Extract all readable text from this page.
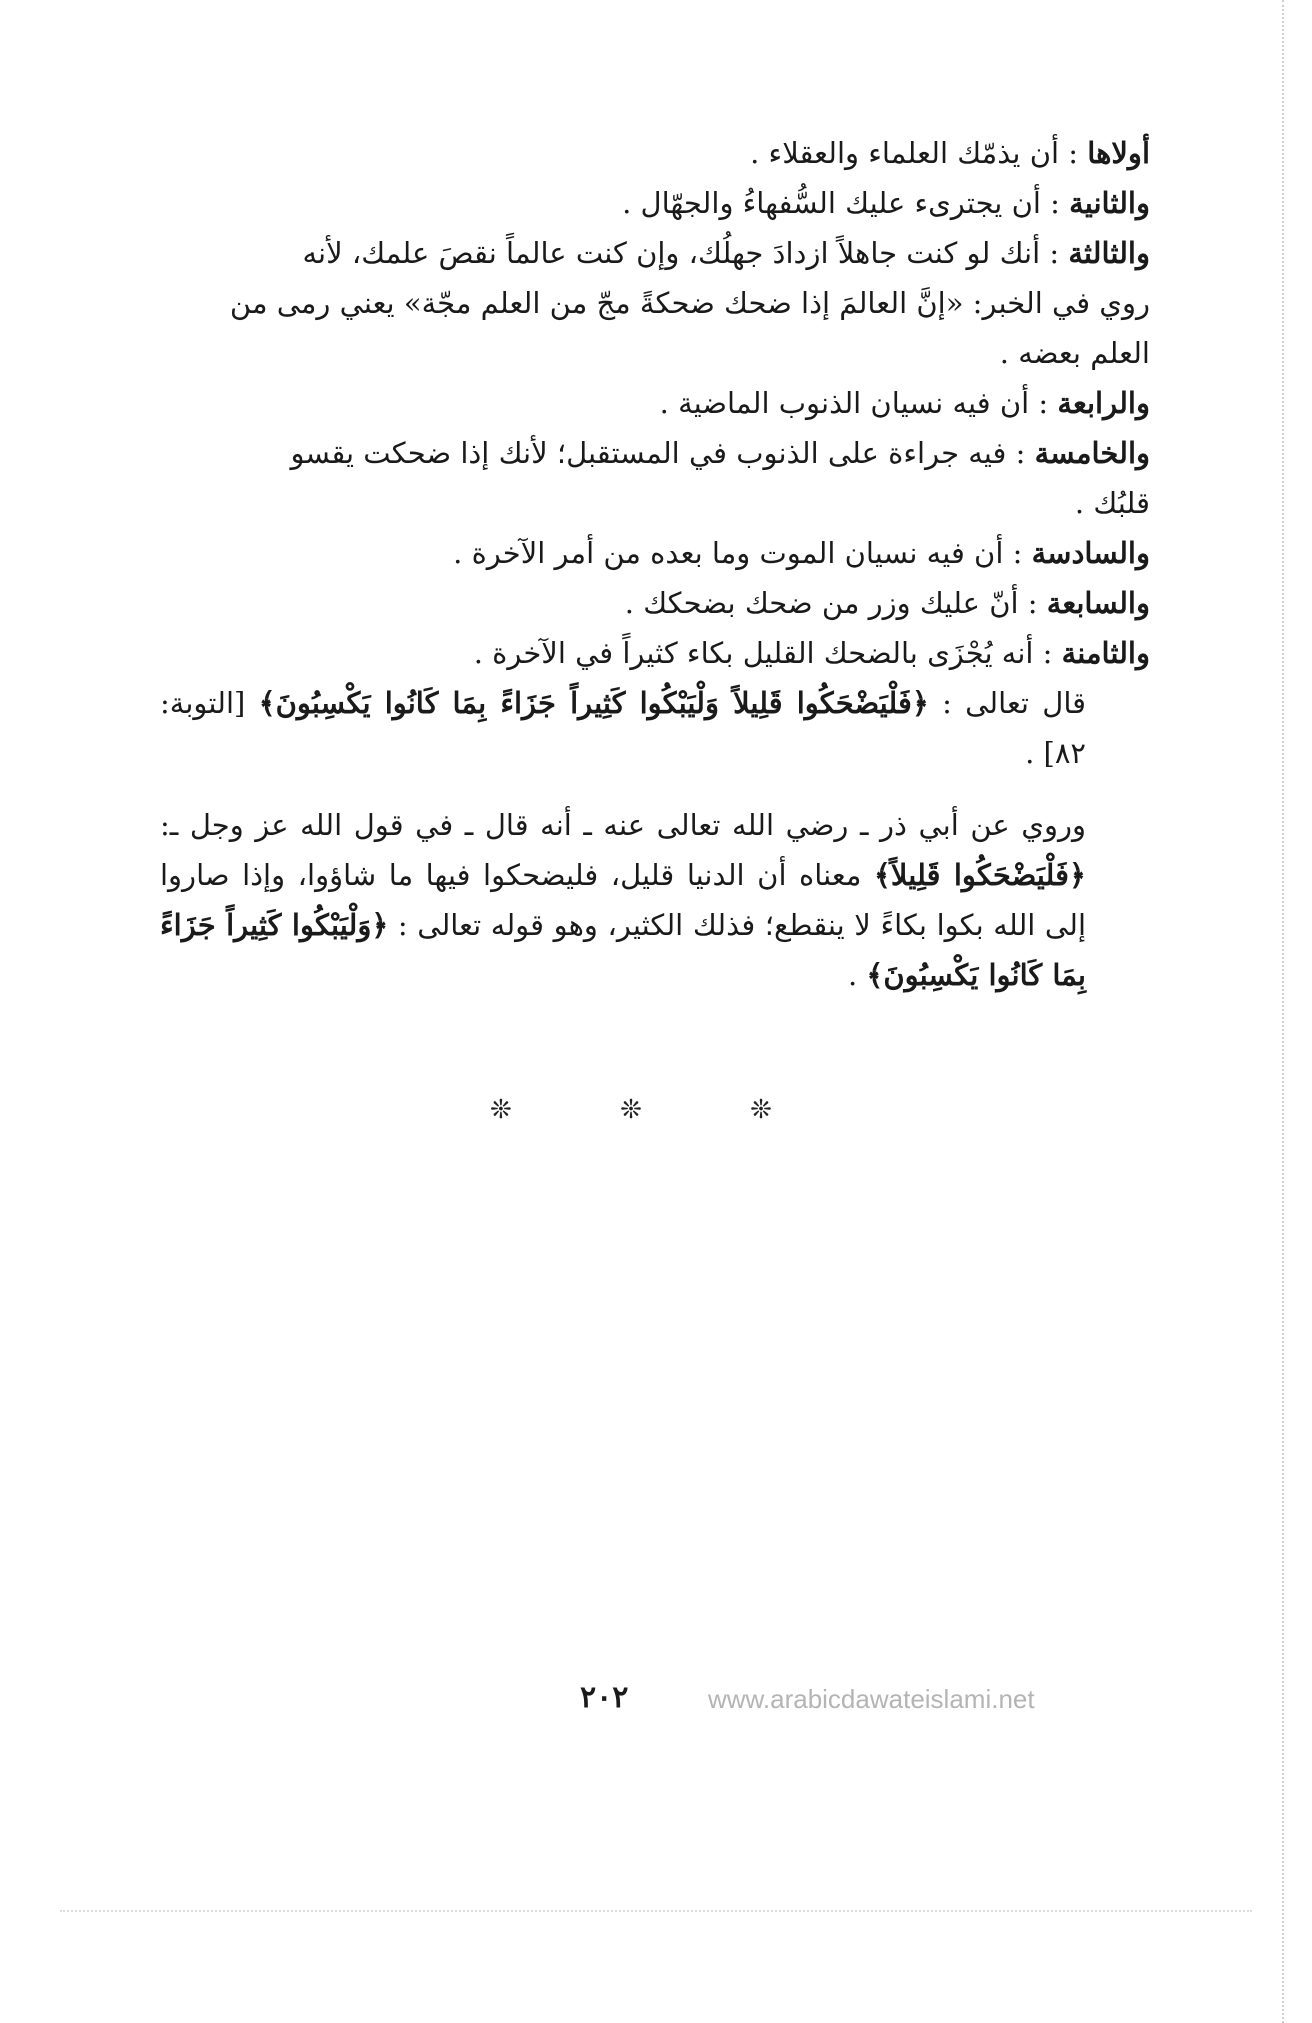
أولاها : أن يذمّك العلماء والعقلاء .

والثانية : أن يجترىء عليك السُّفهاءُ والجهّال .

والثالثة : أنك لو كنت جاهلاً ازدادَ جهلُك، وإن كنت عالماً نقصَ علمك، لأنه

روي في الخبر: «إنَّ العالمَ إذا ضحك ضحكةً مجّ من العلم مجّة» يعني رمى من

العلم بعضه .

والرابعة : أن فيه نسيان الذنوب الماضية .

والخامسة : فيه جراءة على الذنوب في المستقبل؛ لأنك إذا ضحكت يقسو

قلبُك .

والسادسة : أن فيه نسيان الموت وما بعده من أمر الآخرة .

والسابعة : أنّ عليك وزر من ضحك بضحكك .

والثامنة : أنه يُجْزَى بالضحك القليل بكاء كثيراً في الآخرة .

قال تعالى : ﴿فَلْيَضْحَكُوا قَلِيلاً وَلْيَبْكُوا كَثِيراً جَزَاءً بِمَا كَانُوا يَكْسِبُونَ﴾ [التوبة: ٨٢] .

وروي عن أبي ذر ـ رضي الله تعالى عنه ـ أنه قال ـ في قول الله عز وجل ـ: ﴿فَلْيَضْحَكُوا قَلِيلاً﴾ معناه أن الدنيا قليل، فليضحكوا فيها ما شاؤوا، وإذا صاروا إلى الله بكوا بكاءً لا ينقطع؛ فذلك الكثير، وهو قوله تعالى : ﴿وَلْيَبْكُوا كَثِيراً جَزَاءً بِمَا كَانُوا يَكْسِبُونَ﴾ .

❊ ❊ ❊
٢٠٢	www.arabicdawateislami.net
